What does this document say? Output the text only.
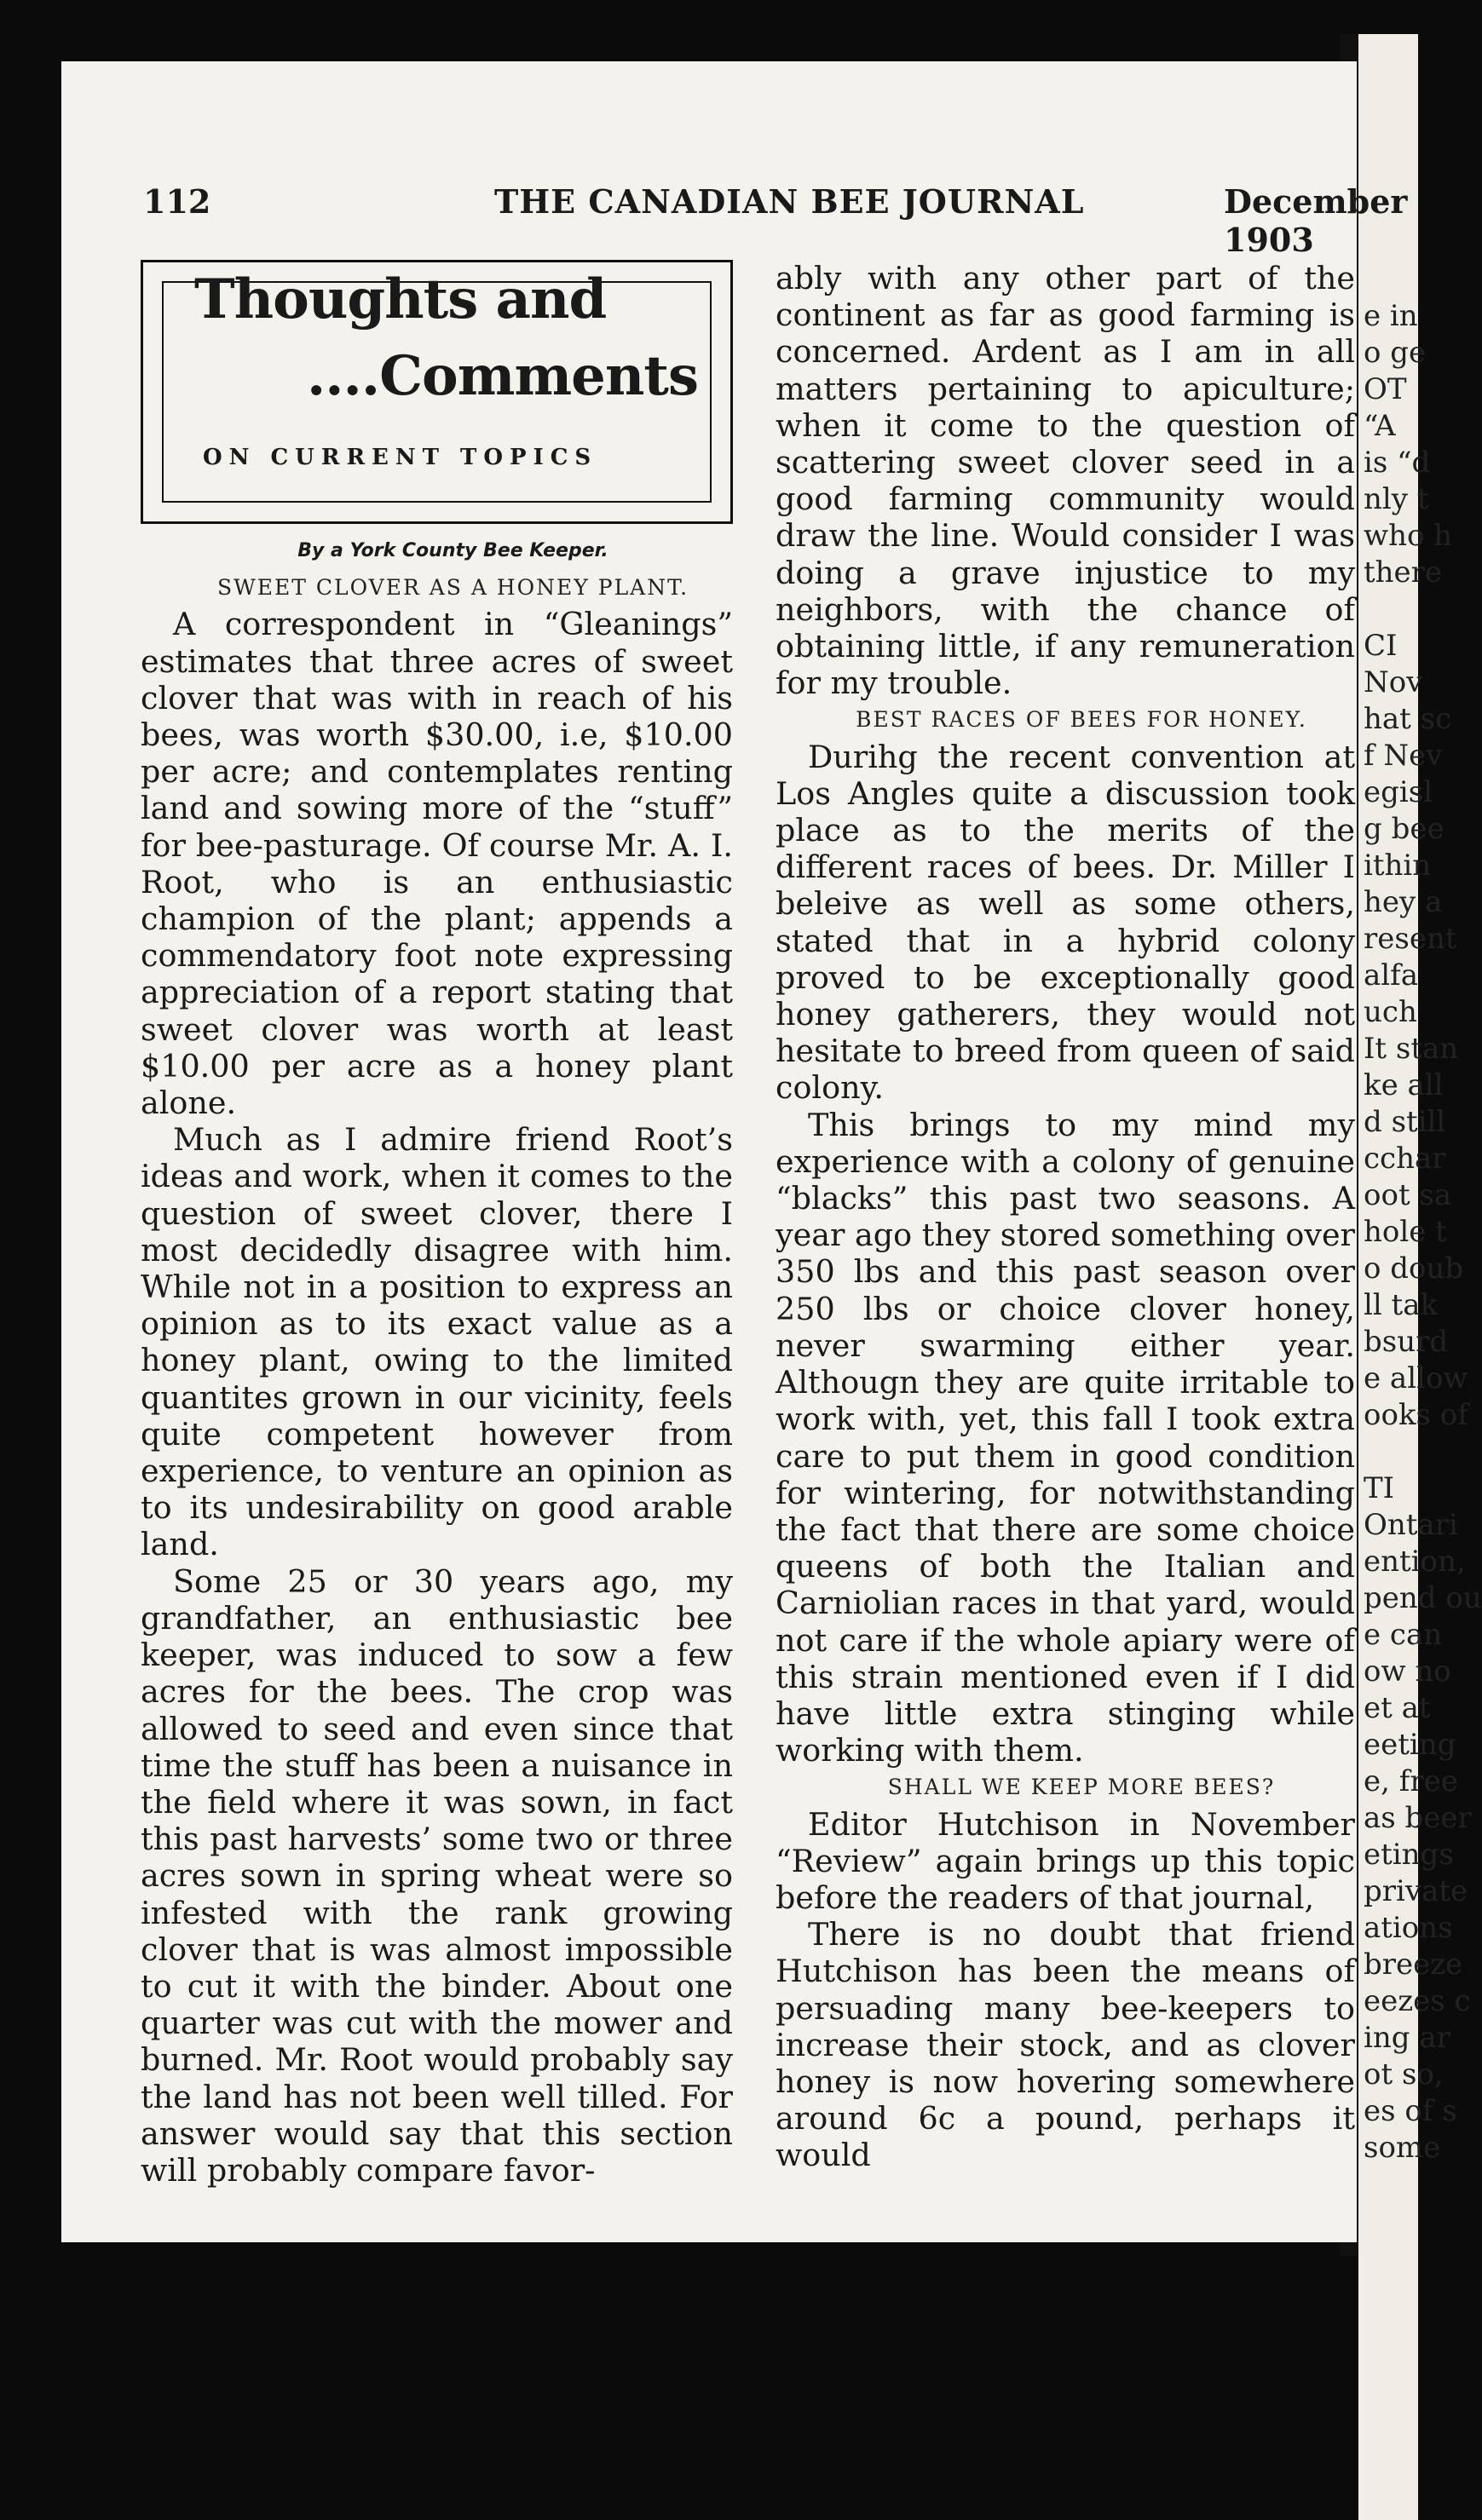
e in
o ge
OT
“A
is “d
nly t
who h
there

CI
Nov
hat sc
f Nev
egisl
g bee
ithin
hey a
resent
alfa
uch
It stan
ke all
d still
cchar
oot sa
hole t
o doub
ll tak
bsurd
e allow
ooks of

TI
Ontari
ention,
pend ou
e can
ow no
et at
eeting
e, free
as beer
etings
private
ations
breeze
eezes c
ing ar
ot so,
es of s
some
112	THE CANADIAN BEE JOURNAL	December 1903
Thoughts and
....Comments
ON CURRENT TOPICS

By a York County Bee Keeper.

SWEET CLOVER AS A HONEY PLANT.

A correspondent in “Gleanings” estimates that three acres of sweet clover that was with in reach of his bees, was worth $30.00, i.e, $10.00 per acre; and contemplates renting land and sowing more of the “stuff” for bee-pasturage. Of course Mr. A. I. Root, who is an enthusiastic champion of the plant; appends a commendatory foot note expressing appreciation of a report stating that sweet clover was worth at least $10.00 per acre as a honey plant alone.

Much as I admire friend Root’s ideas and work, when it comes to the question of sweet clover, there I most decidedly disagree with him. While not in a position to express an opinion as to its exact value as a honey plant, owing to the limited quantites grown in our vicinity, feels quite competent however from experience, to venture an opinion as to its undesirability on good arable land.

Some 25 or 30 years ago, my grandfather, an enthusiastic bee keeper, was induced to sow a few acres for the bees. The crop was allowed to seed and even since that time the stuff has been a nuisance in the field where it was sown, in fact this past harvests’ some two or three acres sown in spring wheat were so infested with the rank growing clover that is was almost impossible to cut it with the binder. About one quarter was cut with the mower and burned. Mr. Root would probably say the land has not been well tilled. For answer would say that this section will probably compare favor-

ably with any other part of the continent as far as good farming is concerned. Ardent as I am in all matters pertaining to apiculture; when it come to the question of scattering sweet clover seed in a good farming community would draw the line. Would consider I was doing a grave injustice to my neighbors, with the chance of obtaining little, if any remuneration for my trouble.

BEST RACES OF BEES FOR HONEY.

Durihg the recent convention at Los Angles quite a discussion took place as to the merits of the different races of bees. Dr. Miller I beleive as well as some others, stated that in a hybrid colony proved to be exceptionally good honey gatherers, they would not hesitate to breed from queen of said colony.

This brings to my mind my experience with a colony of genuine “blacks” this past two seasons. A year ago they stored something over 350 lbs and this past season over 250 lbs or choice clover honey, never swarming either year. Althougn they are quite irritable to work with, yet, this fall I took extra care to put them in good condition for wintering, for notwithstanding the fact that there are some choice queens of both the Italian and Carniolian races in that yard, would not care if the whole apiary were of this strain mentioned even if I did have little extra stinging while working with them.

SHALL WE KEEP MORE BEES?

Editor Hutchison in November “Review” again brings up this topic before the readers of that journal,

There is no doubt that friend Hutchison has been the means of persuading many bee-keepers to increase their stock, and as clover honey is now hovering somewhere around 6c a pound, perhaps it would
